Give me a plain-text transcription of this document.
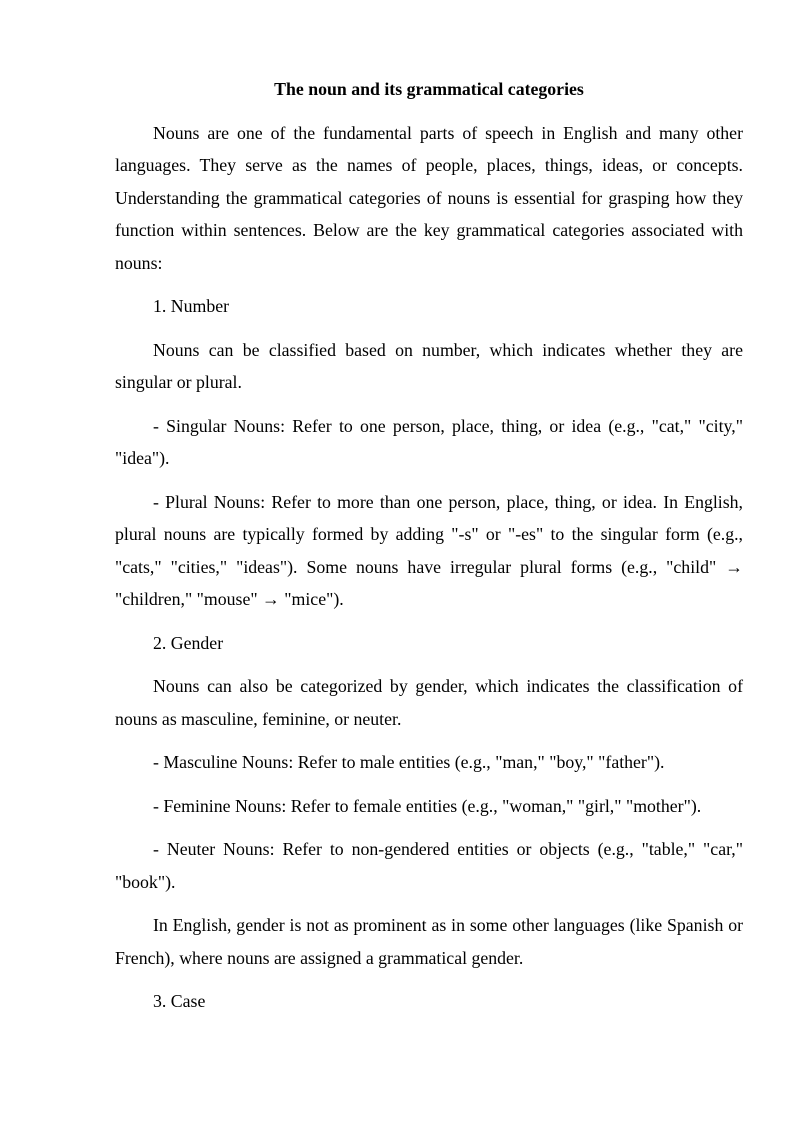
The noun and its grammatical categories

Nouns are one of the fundamental parts of speech in English and many other languages. They serve as the names of people, places, things, ideas, or concepts. Understanding the grammatical categories of nouns is essential for grasping how they function within sentences. Below are the key grammatical categories associated with nouns:

1. Number

Nouns can be classified based on number, which indicates whether they are singular or plural.

- Singular Nouns: Refer to one person, place, thing, or idea (e.g., "cat," "city," "idea").

- Plural Nouns: Refer to more than one person, place, thing, or idea. In English, plural nouns are typically formed by adding "-s" or "-es" to the singular form (e.g., "cats," "cities," "ideas"). Some nouns have irregular plural forms (e.g., "child" → "children," "mouse" → "mice").

2. Gender

Nouns can also be categorized by gender, which indicates the classification of nouns as masculine, feminine, or neuter.

- Masculine Nouns: Refer to male entities (e.g., "man," "boy," "father").

- Feminine Nouns: Refer to female entities (e.g., "woman," "girl," "mother").

- Neuter Nouns: Refer to non-gendered entities or objects (e.g., "table," "car," "book").

In English, gender is not as prominent as in some other languages (like Spanish or French), where nouns are assigned a grammatical gender.

3. Case
